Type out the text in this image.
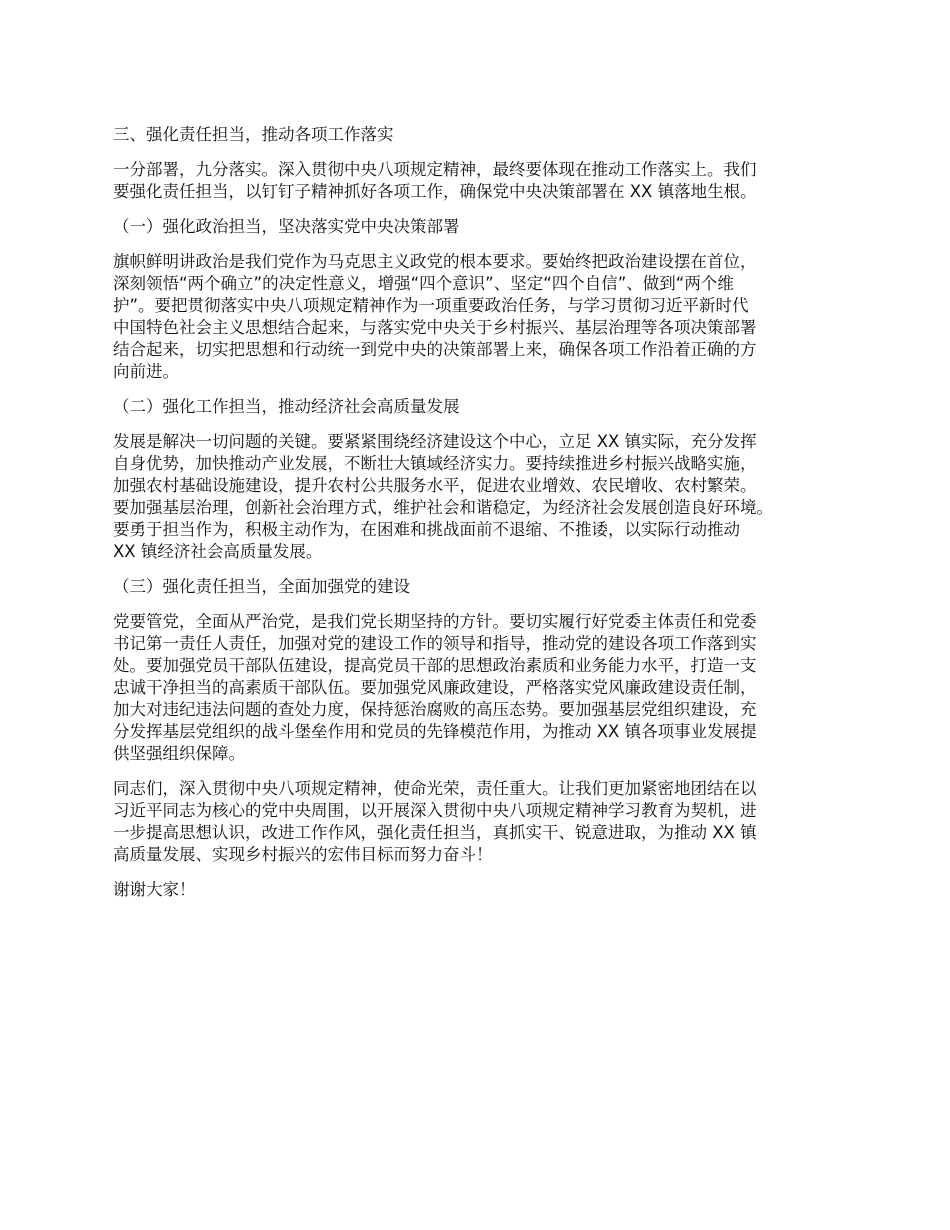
三、强化责任担当，推动各项工作落实
一分部署，九分落实。深入贯彻中央八项规定精神，最终要体现在推动工作落实上。我们
要强化责任担当，以钉钉子精神抓好各项工作，确保党中央决策部署在 XX 镇落地生根。
（一）强化政治担当，坚决落实党中央决策部署
旗帜鲜明讲政治是我们党作为马克思主义政党的根本要求。要始终把政治建设摆在首位，
深刻领悟“两个确立”的决定性意义，增强“四个意识”、坚定“四个自信”、做到“两个维
护”。要把贯彻落实中央八项规定精神作为一项重要政治任务，与学习贯彻习近平新时代
中国特色社会主义思想结合起来，与落实党中央关于乡村振兴、基层治理等各项决策部署
结合起来，切实把思想和行动统一到党中央的决策部署上来，确保各项工作沿着正确的方
向前进。
（二）强化工作担当，推动经济社会高质量发展
发展是解决一切问题的关键。要紧紧围绕经济建设这个中心，立足 XX 镇实际，充分发挥
自身优势，加快推动产业发展，不断壮大镇域经济实力。要持续推进乡村振兴战略实施，
加强农村基础设施建设，提升农村公共服务水平，促进农业增效、农民增收、农村繁荣。
要加强基层治理，创新社会治理方式，维护社会和谐稳定，为经济社会发展创造良好环境。
要勇于担当作为，积极主动作为，在困难和挑战面前不退缩、不推诿，以实际行动推动
XX 镇经济社会高质量发展。
（三）强化责任担当，全面加强党的建设
党要管党，全面从严治党，是我们党长期坚持的方针。要切实履行好党委主体责任和党委
书记第一责任人责任，加强对党的建设工作的领导和指导，推动党的建设各项工作落到实
处。要加强党员干部队伍建设，提高党员干部的思想政治素质和业务能力水平，打造一支
忠诚干净担当的高素质干部队伍。要加强党风廉政建设，严格落实党风廉政建设责任制，
加大对违纪违法问题的查处力度，保持惩治腐败的高压态势。要加强基层党组织建设，充
分发挥基层党组织的战斗堡垒作用和党员的先锋模范作用，为推动 XX 镇各项事业发展提
供坚强组织保障。
同志们，深入贯彻中央八项规定精神，使命光荣，责任重大。让我们更加紧密地团结在以
习近平同志为核心的党中央周围，以开展深入贯彻中央八项规定精神学习教育为契机，进
一步提高思想认识，改进工作作风，强化责任担当，真抓实干、锐意进取，为推动 XX 镇
高质量发展、实现乡村振兴的宏伟目标而努力奋斗！
谢谢大家！
